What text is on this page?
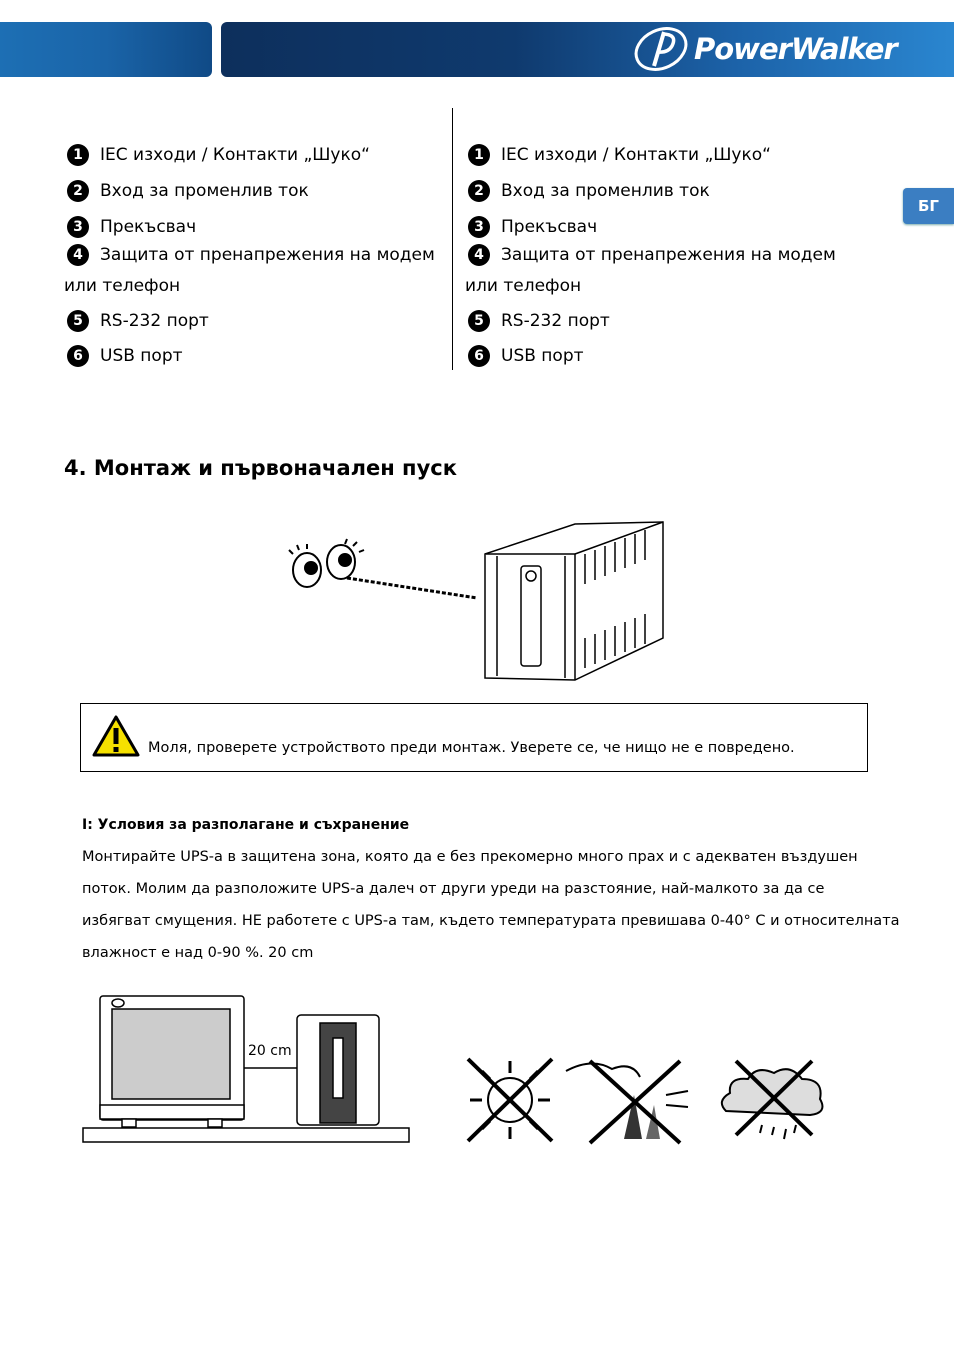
PowerWalker
БГ
1	IEC изходи / Контакти „Шуко“
2	Вход за променлив ток
3	Прекъсвач
4	Защита от пренапрежения на модем
или телефон
5	RS-232 порт
6	USB порт
1	IEC изходи / Контакти „Шуко“
2	Вход за променлив ток
3	Прекъсвач
4	Защита от пренапрежения на модем
или телефон
5	RS-232 порт
6	USB порт
4. Монтаж и първоначален пуск
Моля, проверете устройството преди монтаж. Уверете се, че нищо не е повредено.
I: Условия за разполагане и съхранение
Монтирайте UPS-а в защитена зона, която да е без прекомерно много прах и с адекватен въздушен
поток. Молим да разположите UPS-а далеч от други уреди на разстояние, най-малкото за да се
избягват смущения. НЕ работете с UPS-а там, където температурата превишава 0-40° C и относителната
влажност е над 0-90 %. 20 cm
20 cm
